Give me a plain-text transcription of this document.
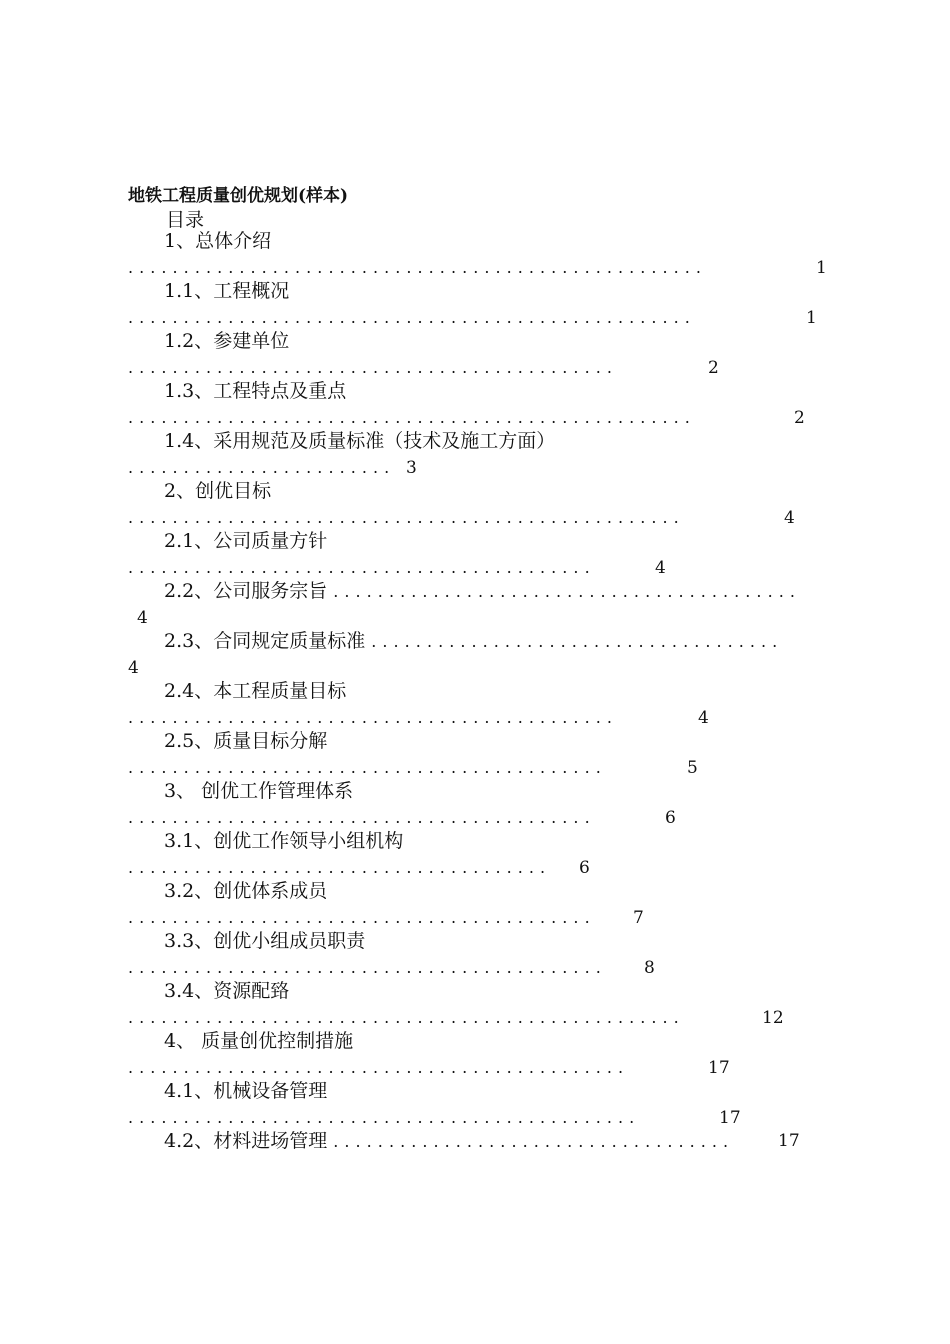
地铁工程质量创优规划(样本)
目录
1、总体介绍
....................................................	1
1.1、工程概况
...................................................	1
1.2、参建单位
............................................	2
1.3、工程特点及重点
...................................................	2
1.4、采用规范及质量标准（技术及施工方面）
........................ 3
2、创优目标
..................................................	4
2.1、公司质量方针
..........................................	4
2.2、公司服务宗旨 ..........................................
4
2.3、合同规定质量标准 .....................................
4
2.4、本工程质量目标
............................................	4
2.5、质量目标分解
...........................................	5
3、 创优工作管理体系
..........................................	6
3.1、创优工作领导小组机构
...................................... 6
3.2、创优体系成员
.......................................... 7
3.3、创优小组成员职责
........................................... 8
3.4、资源配臵
..................................................	12
4、 质量创优控制措施
.............................................	17
4.1、机械设备管理
..............................................	17
4.2、材料进场管理 ....................................	17
